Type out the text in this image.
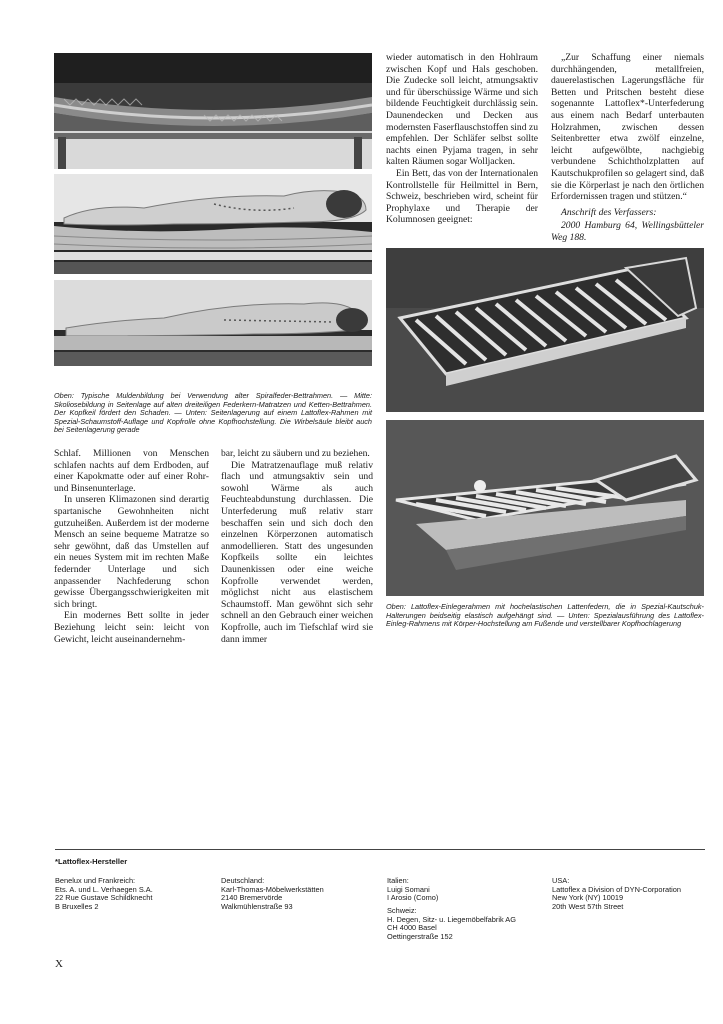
Oben: Typische Muldenbildung bei Verwendung alter Spiralfeder-Bettrahmen. — Mitte: Skoliosebildung in Seitenlage auf alten dreiteiligen Federkern-Matratzen und Ketten-Bettrahmen. Der Kopfkeil fördert den Schaden. — Unten: Seitenlagerung auf einem Lattoflex-Rahmen mit Spezial-Schaumstoff-Auflage und Kopfrolle ohne Kopfhochstellung. Die Wirbelsäule bleibt auch bei Seitenlagerung gerade
Oben: Lattoflex-Einlegerahmen mit hochelastischen Lattenfedern, die in Spezial-Kautschuk-Halterungen beidseitig elastisch aufgehängt sind. — Unten: Spezialausführung des Lattoflex-Einleg-Rahmens mit Körper-Hochstellung am Fußende und verstellbarer Kopfhochlagerung

Schlaf. Millionen von Menschen schlafen nachts auf dem Erdboden, auf einer Kapokmatte oder auf einer Rohr- und Binsenunterlage.

In unseren Klimazonen sind derartig spartanische Gewohnheiten nicht gutzuheißen. Außerdem ist der moderne Mensch an seine bequeme Matratze so sehr gewöhnt, daß das Umstellen auf ein neues System mit im rechten Maße federnder Unterlage und sich anpassender Nachfederung schon gewisse Übergangsschwierigkeiten mit sich bringt.

Ein modernes Bett sollte in jeder Beziehung leicht sein: leicht von Gewicht, leicht auseinandernehm-

bar, leicht zu säubern und zu beziehen.

Die Matratzenauflage muß relativ flach und atmungsaktiv sein und sowohl Wärme als auch Feuchteabdunstung durchlassen. Die Unterfederung muß relativ starr beschaffen sein und sich doch den einzelnen Körperzonen automatisch anmodellieren. Statt des ungesunden Kopfkeils sollte ein leichtes Daunenkissen oder eine weiche Kopfrolle verwendet werden, möglichst nicht aus elastischem Schaumstoff. Man gewöhnt sich sehr schnell an den Gebrauch einer weichen Kopfrolle, auch im Tiefschlaf wird sie dann immer

wieder automatisch in den Hohlraum zwischen Kopf und Hals geschoben. Die Zudecke soll leicht, atmungsaktiv und für überschüssige Wärme und sich bildende Feuchtigkeit durchlässig sein. Daunendecken und Decken aus modernsten Faserflauschstoffen sind zu empfehlen. Der Schläfer selbst sollte nachts einen Pyjama tragen, in sehr kalten Räumen sogar Wolljacken.

Ein Bett, das von der Internationalen Kontrollstelle für Heilmittel in Bern, Schweiz, beschrieben wird, scheint für Prophylaxe und Therapie der Kolumnosen geeignet:

„Zur Schaffung einer niemals durchhängenden, metallfreien, dauerelastischen Lagerungsfläche für Betten und Pritschen besteht diese sogenannte Lattoflex*-Unterfederung aus einem nach Bedarf unterbauten Holzrahmen, zwischen dessen Seitenbretter etwa zwölf einzelne, leicht aufgewölbte, nachgiebig verbundene Schichtholzplatten auf Kautschukprofilen so gelagert sind, daß sie die Körperlast je nach den örtlichen Erfordernissen tragen und stützen.“

Anschrift des Verfassers:

2000 Hamburg 64, Wellingsbütteler Weg 188.

*Lattoflex-Hersteller
Benelux und Frankreich:
Ets. A. und L. Verhaegen S.A.
22 Rue Gustave Schildknecht
B Bruxelles 2
Deutschland:
Karl-Thomas-Möbelwerkstätten
2140 Bremervörde
Walkmühlenstraße 93
Italien:
Luigi Somani
I Arosio (Como)
Schweiz:
H. Degen, Sitz- u. Liegemöbelfabrik AG
CH 4000 Basel
Oettingerstraße 152
USA:
Lattoflex a Division of DYN-Corporation
New York (NY) 10019
20th West 57th Street
X
